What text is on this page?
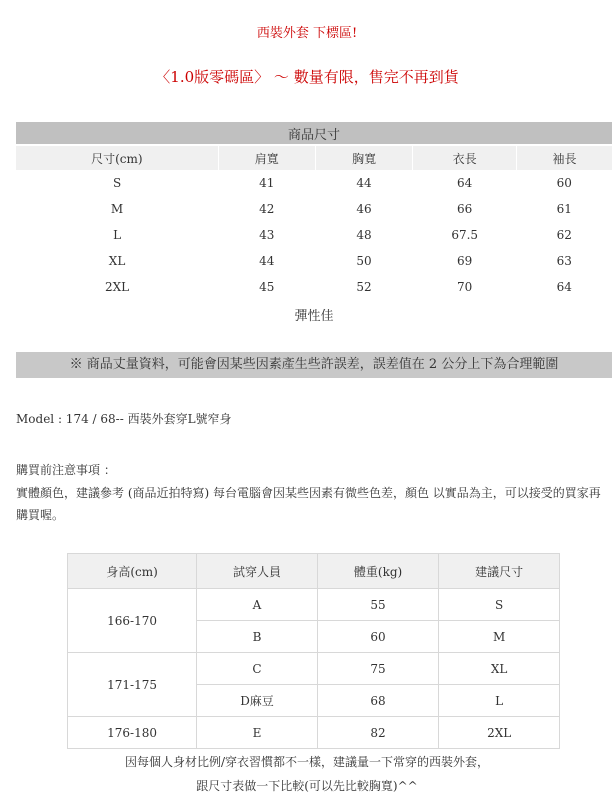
西裝外套 下標區!
〈1.0版零碼區〉 ～ 數量有限，售完不再到貨
商品尺寸				
尺寸(cm)	肩寬	胸寬	衣長	袖長
S	41	44	64	60
M	42	46	66	61
L	43	48	67.5	62
XL	44	50	69	63
2XL	45	52	70	64
彈性佳				
※ 商品丈量資料，可能會因某些因素產生些許誤差，誤差值在 2 公分上下為合理範圍
Model : 174 / 68-- 西裝外套穿L號窄身
購買前注意事項 ：
實體顏色，建議參考 (商品近拍特寫) 每台電腦會因某些因素有微些色差，顏色 以實品為主，可以接受的買家再購買喔。
身高(cm)	試穿人員	體重(kg)	建議尺寸
166-170	A	55	S
	B	60	M
171-175	C	75	XL
	D麻豆	68	L
176-180	E	82	2XL
因每個人身材比例/穿衣習慣都不一樣，建議量一下常穿的西裝外套，
跟尺寸表做一下比較(可以先比較胸寬)^^
